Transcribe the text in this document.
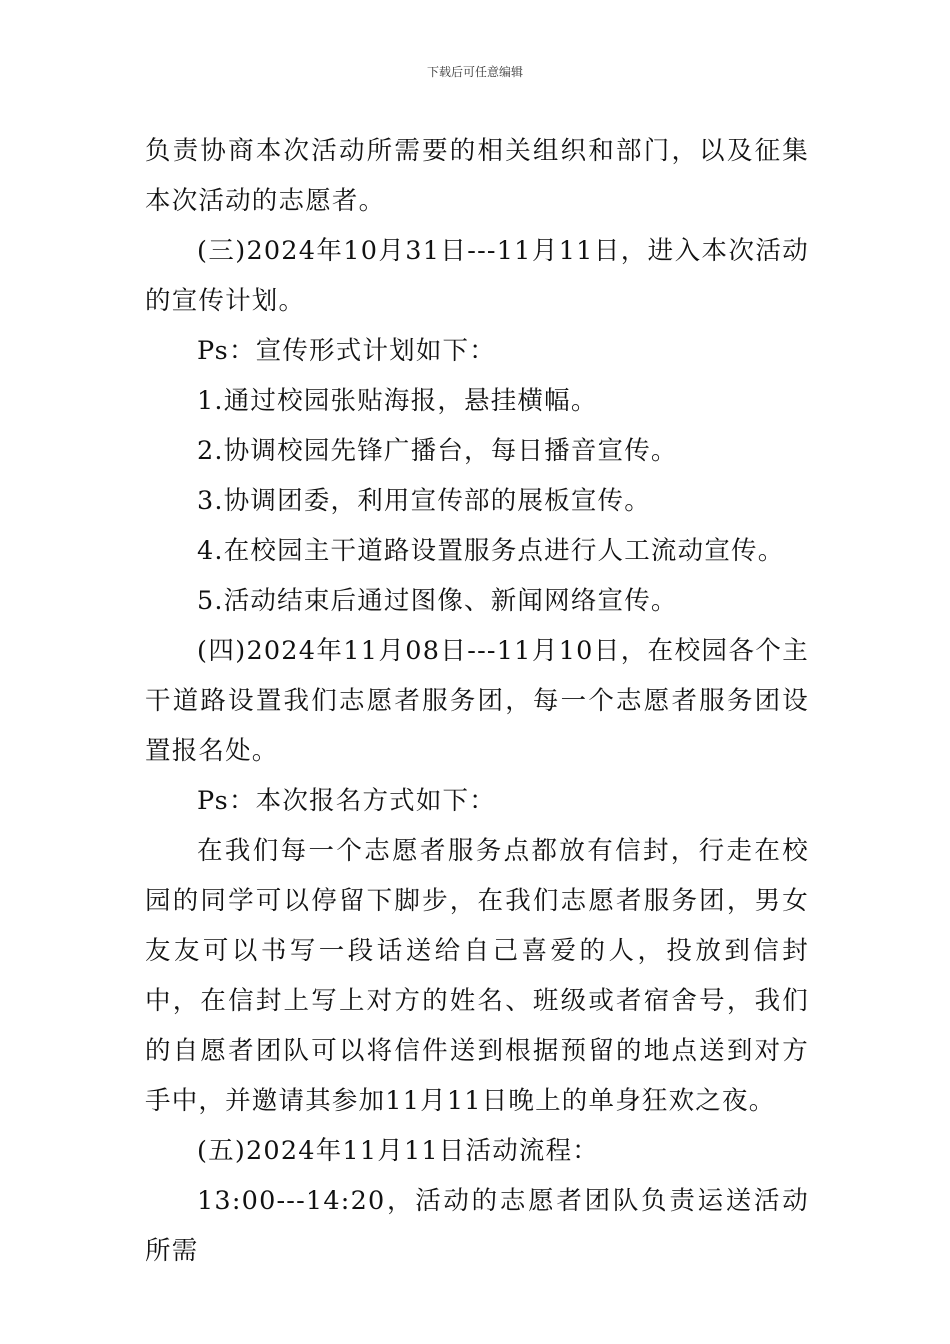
下载后可任意编辑

负责协商本次活动所需要的相关组织和部门，以及征集本次活动的志愿者。

(三)2024年10月31日---11月11日，进入本次活动的宣传计划。

Ps：宣传形式计划如下：

1.通过校园张贴海报，悬挂横幅。

2.协调校园先锋广播台，每日播音宣传。

3.协调团委，利用宣传部的展板宣传。

4.在校园主干道路设置服务点进行人工流动宣传。

5.活动结束后通过图像、新闻网络宣传。

(四)2024年11月08日---11月10日，在校园各个主干道路设置我们志愿者服务团，每一个志愿者服务团设置报名处。

Ps：本次报名方式如下：

在我们每一个志愿者服务点都放有信封，行走在校园的同学可以停留下脚步，在我们志愿者服务团，男女友友可以书写一段话送给自己喜爱的人，投放到信封中，在信封上写上对方的姓名、班级或者宿舍号，我们的自愿者团队可以将信件送到根据预留的地点送到对方手中，并邀请其参加11月11日晚上的单身狂欢之夜。

(五)2024年11月11日活动流程：

13:00---14:20，活动的志愿者团队负责运送活动所需
